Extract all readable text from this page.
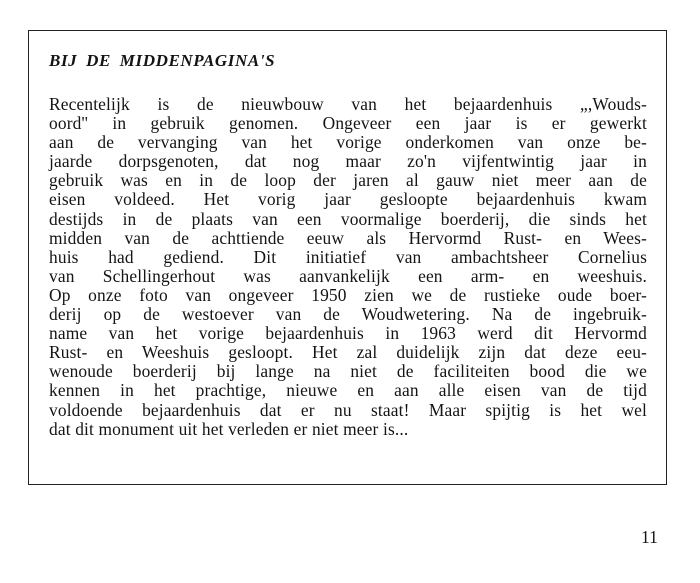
BIJ DE MIDDENPAGINA'S
Recentelijk is de nieuwbouw van het bejaardenhuis „,Wouds-
oord'' in gebruik genomen. Ongeveer een jaar is er gewerkt
aan de vervanging van het vorige onderkomen van onze be-
jaarde dorpsgenoten, dat nog maar zo'n vijfentwintig jaar in
gebruik was en in de loop der jaren al gauw niet meer aan de
eisen voldeed. Het vorig jaar gesloopte bejaardenhuis kwam
destijds in de plaats van een voormalige boerderij, die sinds het
midden van de achttiende eeuw als Hervormd Rust- en Wees-
huis had gediend. Dit initiatief van ambachtsheer Cornelius
van Schellingerhout was aanvankelijk een arm- en weeshuis.
Op onze foto van ongeveer 1950 zien we de rustieke oude boer-
derij op de westoever van de Woudwetering. Na de ingebruik-
name van het vorige bejaardenhuis in 1963 werd dit Hervormd
Rust- en Weeshuis gesloopt. Het zal duidelijk zijn dat deze eeu-
wenoude boerderij bij lange na niet de faciliteiten bood die we
kennen in het prachtige, nieuwe en aan alle eisen van de tijd
voldoende bejaardenhuis dat er nu staat! Maar spijtig is het wel
dat dit monument uit het verleden er niet meer is...
11
